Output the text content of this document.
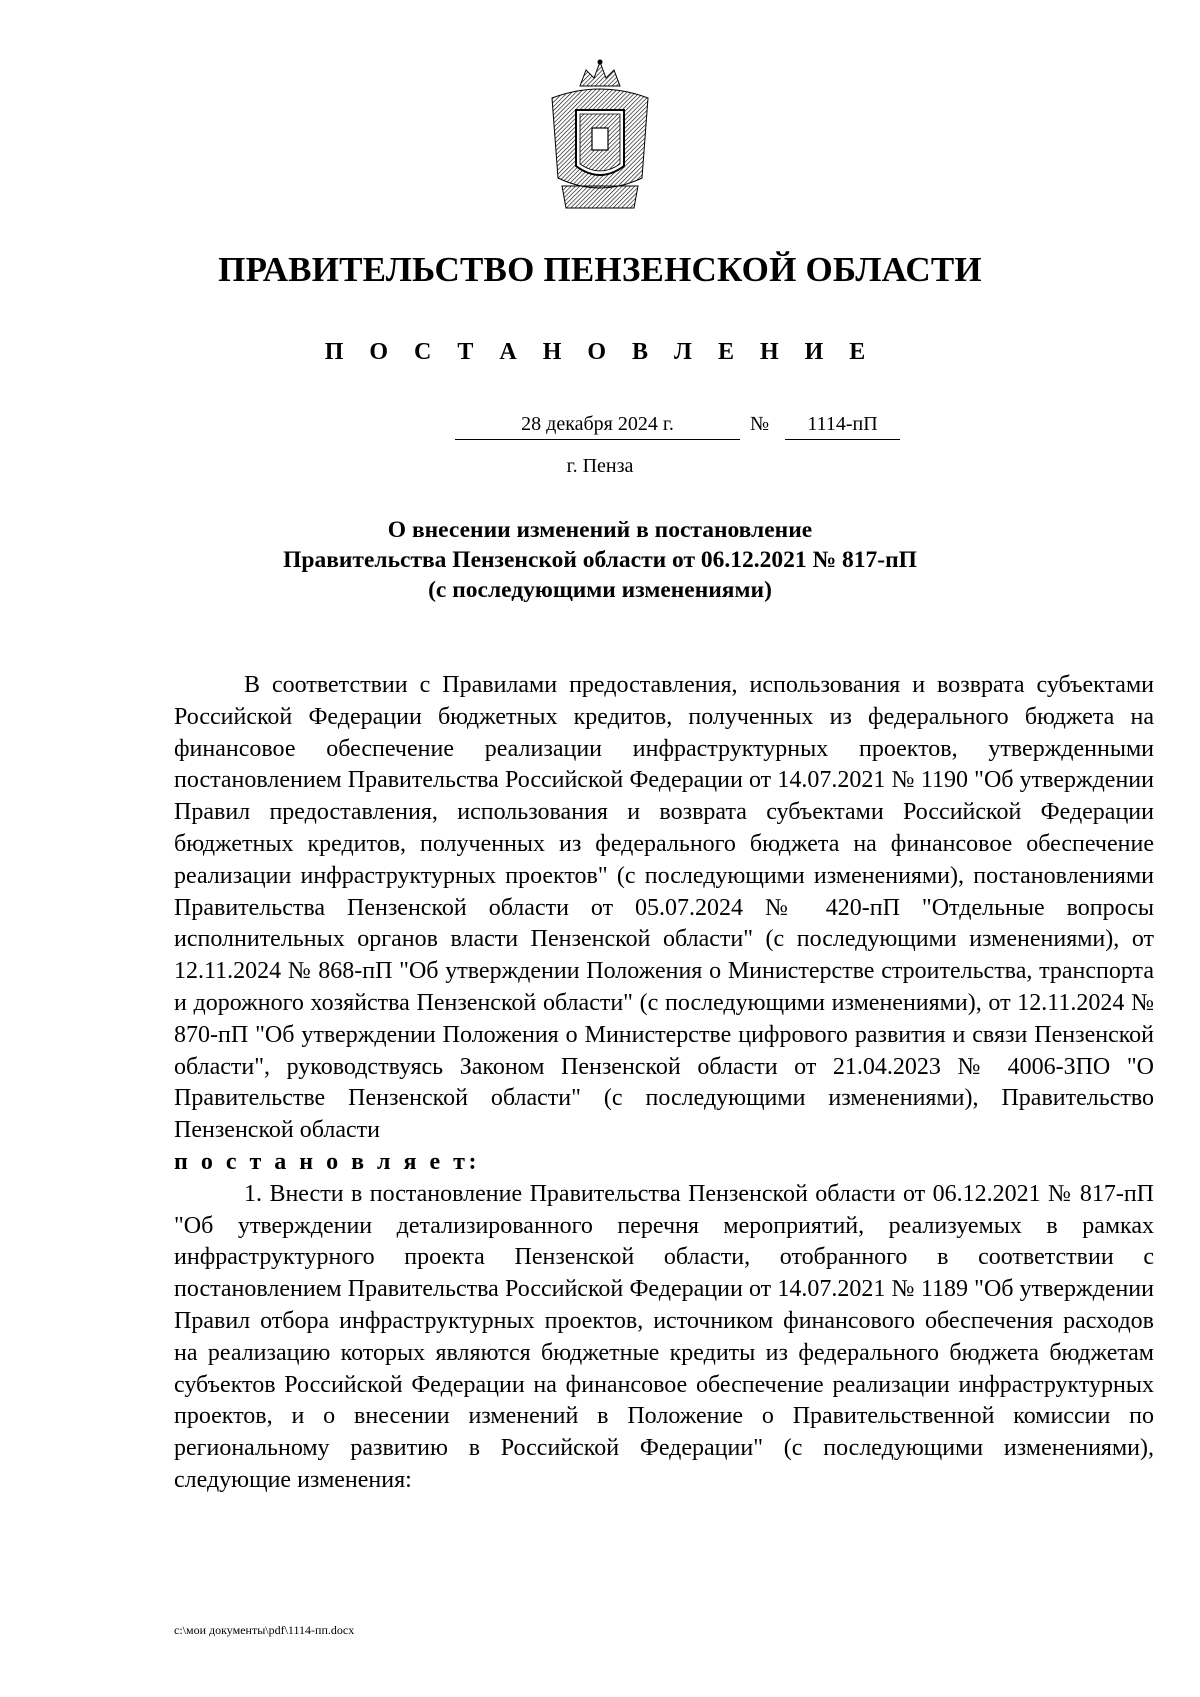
ПРАВИТЕЛЬСТВО ПЕНЗЕНСКОЙ ОБЛАСТИ
П О С Т А Н О В Л Е Н И Е
28 декабря 2024 г.	№	1114-пП
г. Пенза
О внесении изменений в постановление
Правительства Пензенской области от 06.12.2021 № 817-пП
(с последующими изменениями)

В соответствии с Правилами предоставления, использования и возврата субъектами Российской Федерации бюджетных кредитов, полученных из федерального бюджета на финансовое обеспечение реализации инфраструктурных проектов, утвержденными постановлением Правительства Российской Федерации от 14.07.2021 № 1190 "Об утверждении Правил предоставления, использования и возврата субъектами Российской Федерации бюджетных кредитов, полученных из федерального бюджета на финансовое обеспечение реализации инфраструктурных проектов" (с последующими изменениями), постановлениями Правительства Пензенской области от 05.07.2024 № 420-пП "Отдельные вопросы исполнительных органов власти Пензенской области" (с последующими изменениями), от 12.11.2024 № 868-пП "Об утверждении Положения о Министерстве строительства, транспорта и дорожного хозяйства Пензенской области" (с последующими изменениями), от 12.11.2024 № 870-пП "Об утверждении Положения о Министерстве цифрового развития и связи Пензенской области", руководствуясь Законом Пензенской области от 21.04.2023 № 4006-ЗПО "О Правительстве Пензенской области" (с последующими изменениями), Правительство Пензенской области

п о с т а н о в л я е т:

1. Внести в постановление Правительства Пензенской области от 06.12.2021 № 817-пП "Об утверждении детализированного перечня мероприятий, реализуемых в рамках инфраструктурного проекта Пензенской области, отобранного в соответствии с постановлением Правительства Российской Федерации от 14.07.2021 № 1189 "Об утверждении Правил отбора инфраструктурных проектов, источником финансового обеспечения расходов на реализацию которых являются бюджетные кредиты из федерального бюджета бюджетам субъектов Российской Федерации на финансовое обеспечение реализации инфраструктурных проектов, и о внесении изменений в Положение о Правительственной комиссии по региональному развитию в Российской Федерации" (с последующими изменениями), следующие изменения:

c:\мои документы\pdf\1114-пп.docx
